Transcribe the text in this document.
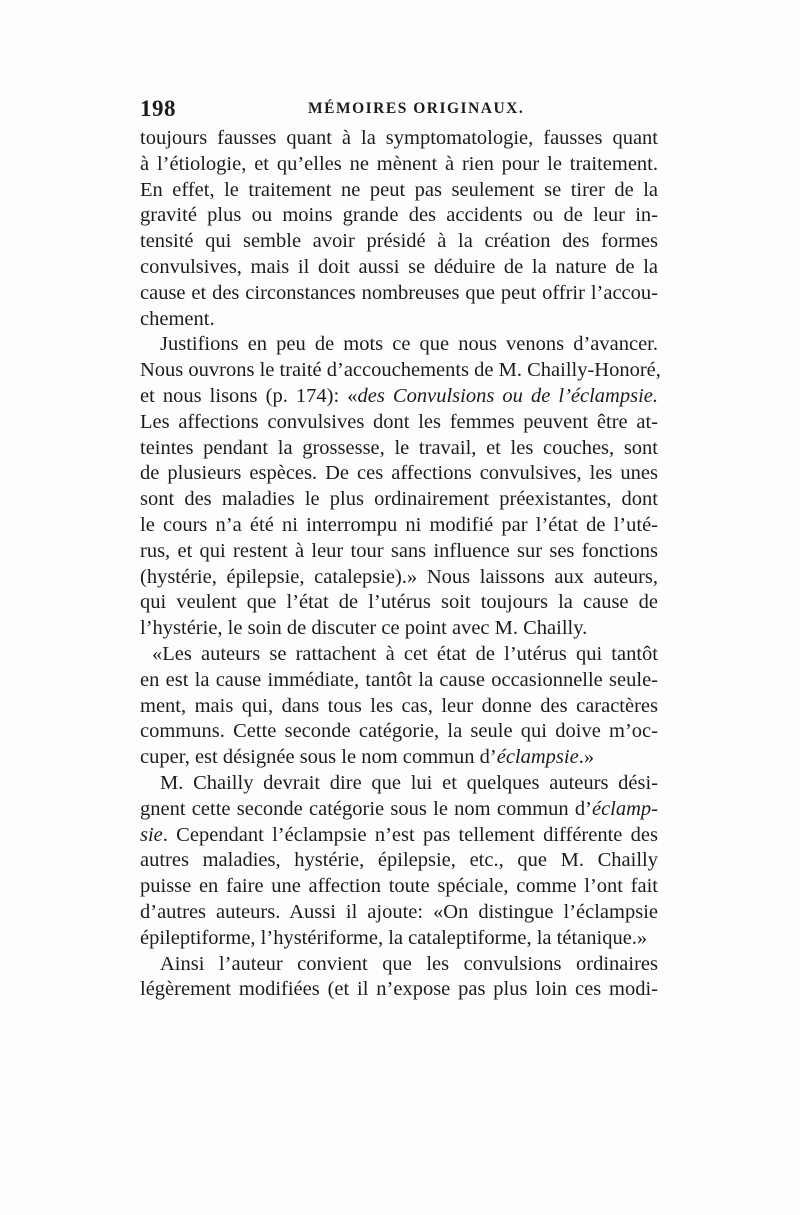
198	MÉMOIRES ORIGINAUX.
toujours fausses quant à la symptomatologie, fausses quant
à l’étiologie, et qu’elles ne mènent à rien pour le traitement.
En effet, le traitement ne peut pas seulement se tirer de la
gravité plus ou moins grande des accidents ou de leur in-
tensité qui semble avoir présidé à la création des formes
convulsives, mais il doit aussi se déduire de la nature de la
cause et des circonstances nombreuses que peut offrir l’accou-
chement.
Justifions en peu de mots ce que nous venons d’avancer.
Nous ouvrons le traité d’accouchements de M. Chailly-Honoré,
et nous lisons (p. 174): «des Convulsions ou de l’éclampsie.
Les affections convulsives dont les femmes peuvent être at-
teintes pendant la grossesse, le travail, et les couches, sont
de plusieurs espèces. De ces affections convulsives, les unes
sont des maladies le plus ordinairement préexistantes, dont
le cours n’a été ni interrompu ni modifié par l’état de l’uté-
rus, et qui restent à leur tour sans influence sur ses fonctions
(hystérie, épilepsie, catalepsie).» Nous laissons aux auteurs,
qui veulent que l’état de l’utérus soit toujours la cause de
l’hystérie, le soin de discuter ce point avec M. Chailly.
«Les auteurs se rattachent à cet état de l’utérus qui tantôt
en est la cause immédiate, tantôt la cause occasionnelle seule-
ment, mais qui, dans tous les cas, leur donne des caractères
communs. Cette seconde catégorie, la seule qui doive m’oc-
cuper, est désignée sous le nom commun d’éclampsie.»
M. Chailly devrait dire que lui et quelques auteurs dési-
gnent cette seconde catégorie sous le nom commun d’éclamp-
sie. Cependant l’éclampsie n’est pas tellement différente des
autres maladies, hystérie, épilepsie, etc., que M. Chailly
puisse en faire une affection toute spéciale, comme l’ont fait
d’autres auteurs. Aussi il ajoute: «On distingue l’éclampsie
épileptiforme, l’hystériforme, la cataleptiforme, la tétanique.»
Ainsi l’auteur convient que les convulsions ordinaires
légèrement modifiées (et il n’expose pas plus loin ces modi-
